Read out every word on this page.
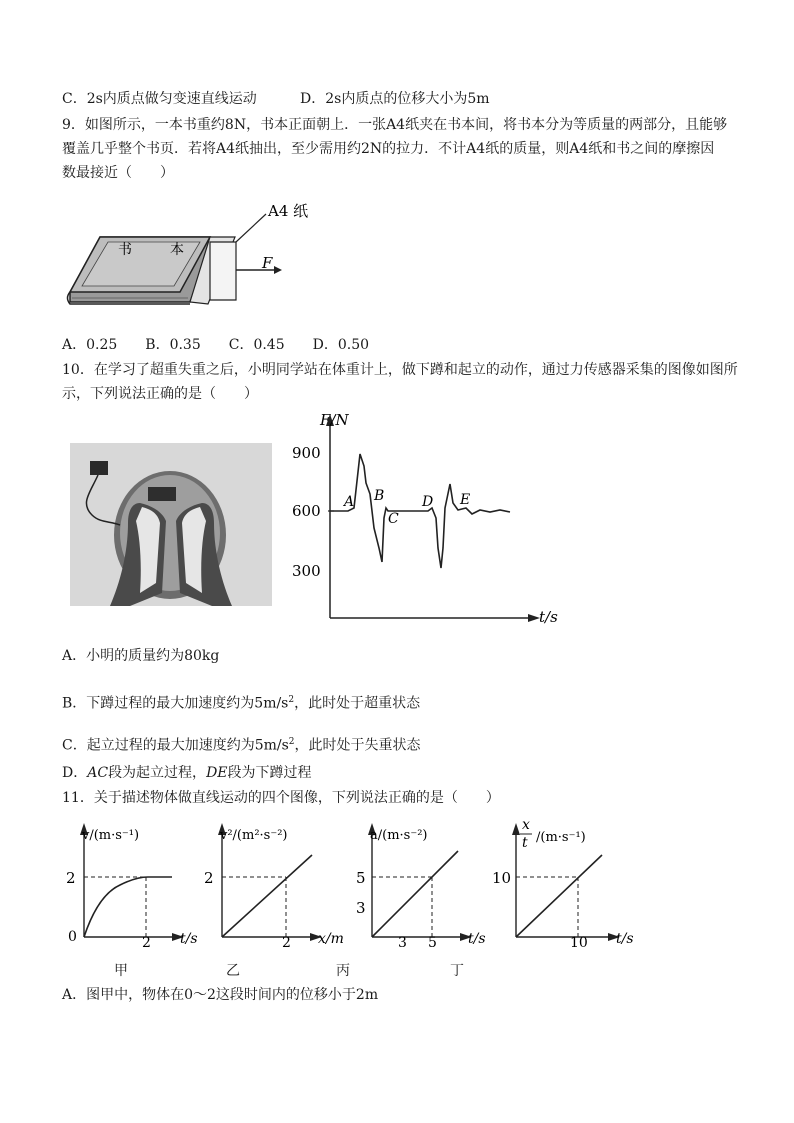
C．2s内质点做匀变速直线运动	D．2s内质点的位移大小为5m
9．如图所示，一本书重约8N，书本正面朝上．一张A4纸夹在书本间，将书本分为等质量的两部分，且能够
覆盖几乎整个书页．若将A4纸抽出，至少需用约2N的拉力．不计A4纸的质量，则A4纸和书之间的摩擦因
数最接近（　　）
书	本
A4 纸
F
A．0.25　　B．0.35　　C．0.45　　D．0.50
10．在学习了超重失重之后，小明同学站在体重计上，做下蹲和起立的动作，通过力传感器采集的图像如图所
示，下列说法正确的是（　　）
F/N
900
600
300
t/s
A B
C
D E
A．小明的质量约为80kg
B．下蹲过程的最大加速度约为$5m/s^2$，此时处于超重状态
C．起立过程的最大加速度约为$5m/s^2$，此时处于失重状态
D．AC段为起立过程，DE段为下蹲过程
11．关于描述物体做直线运动的四个图像，下列说法正确的是（　　）
v/(m·s⁻¹)
2
0	2 t/s
甲
v²/(m²·s⁻²)
2
2 x/m
乙
a/(m·s⁻²)
5
3
3 5 t/s
丙
x
t /(m·s⁻¹)
10
10 t/s
丁
A．图甲中，物体在0～2这段时间内的位移小于2m
